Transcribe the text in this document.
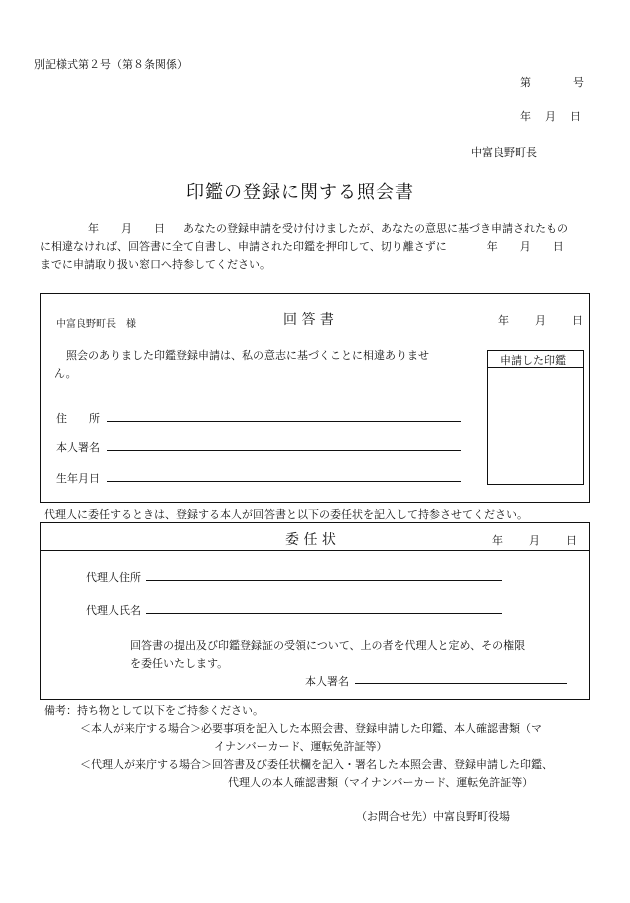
別記様式第２号（第８条関係）
第	号
年 月 日
中富良野町長
印鑑の登録に関する照会書
年 月 日 あなたの登録申請を受け付けましたが、あなたの意思に基づき申請されたもの
に相違なければ、回答書に全て自書し、申請された印鑑を押印して、切り離さずに	年 月 日
までに申請取り扱い窓口へ持参してください。
中富良野町長　様	回 答 書	年 月 日
照会のありました印鑑登録申請は、私の意志に基づくことに相違ありませ
ん。
申請した印鑑
住 所
本人署名
生年月日
代理人に委任するときは、登録する本人が回答書と以下の委任状を記入して持参させてください。
委 任 状	年 月 日
代理人住所
代理人氏名
回答書の提出及び印鑑登録証の受領について、上の者を代理人と定め、その権限
を委任いたします。
本人署名
備考：持ち物として以下をご持参ください。
＜本人が来庁する場合＞必要事項を記入した本照会書、登録申請した印鑑、本人確認書類（マ
イナンバーカード、運転免許証等）
＜代理人が来庁する場合＞回答書及び委任状欄を記入・署名した本照会書、登録申請した印鑑、
代理人の本人確認書類（マイナンバーカード、運転免許証等）
（お問合せ先）中富良野町役場
